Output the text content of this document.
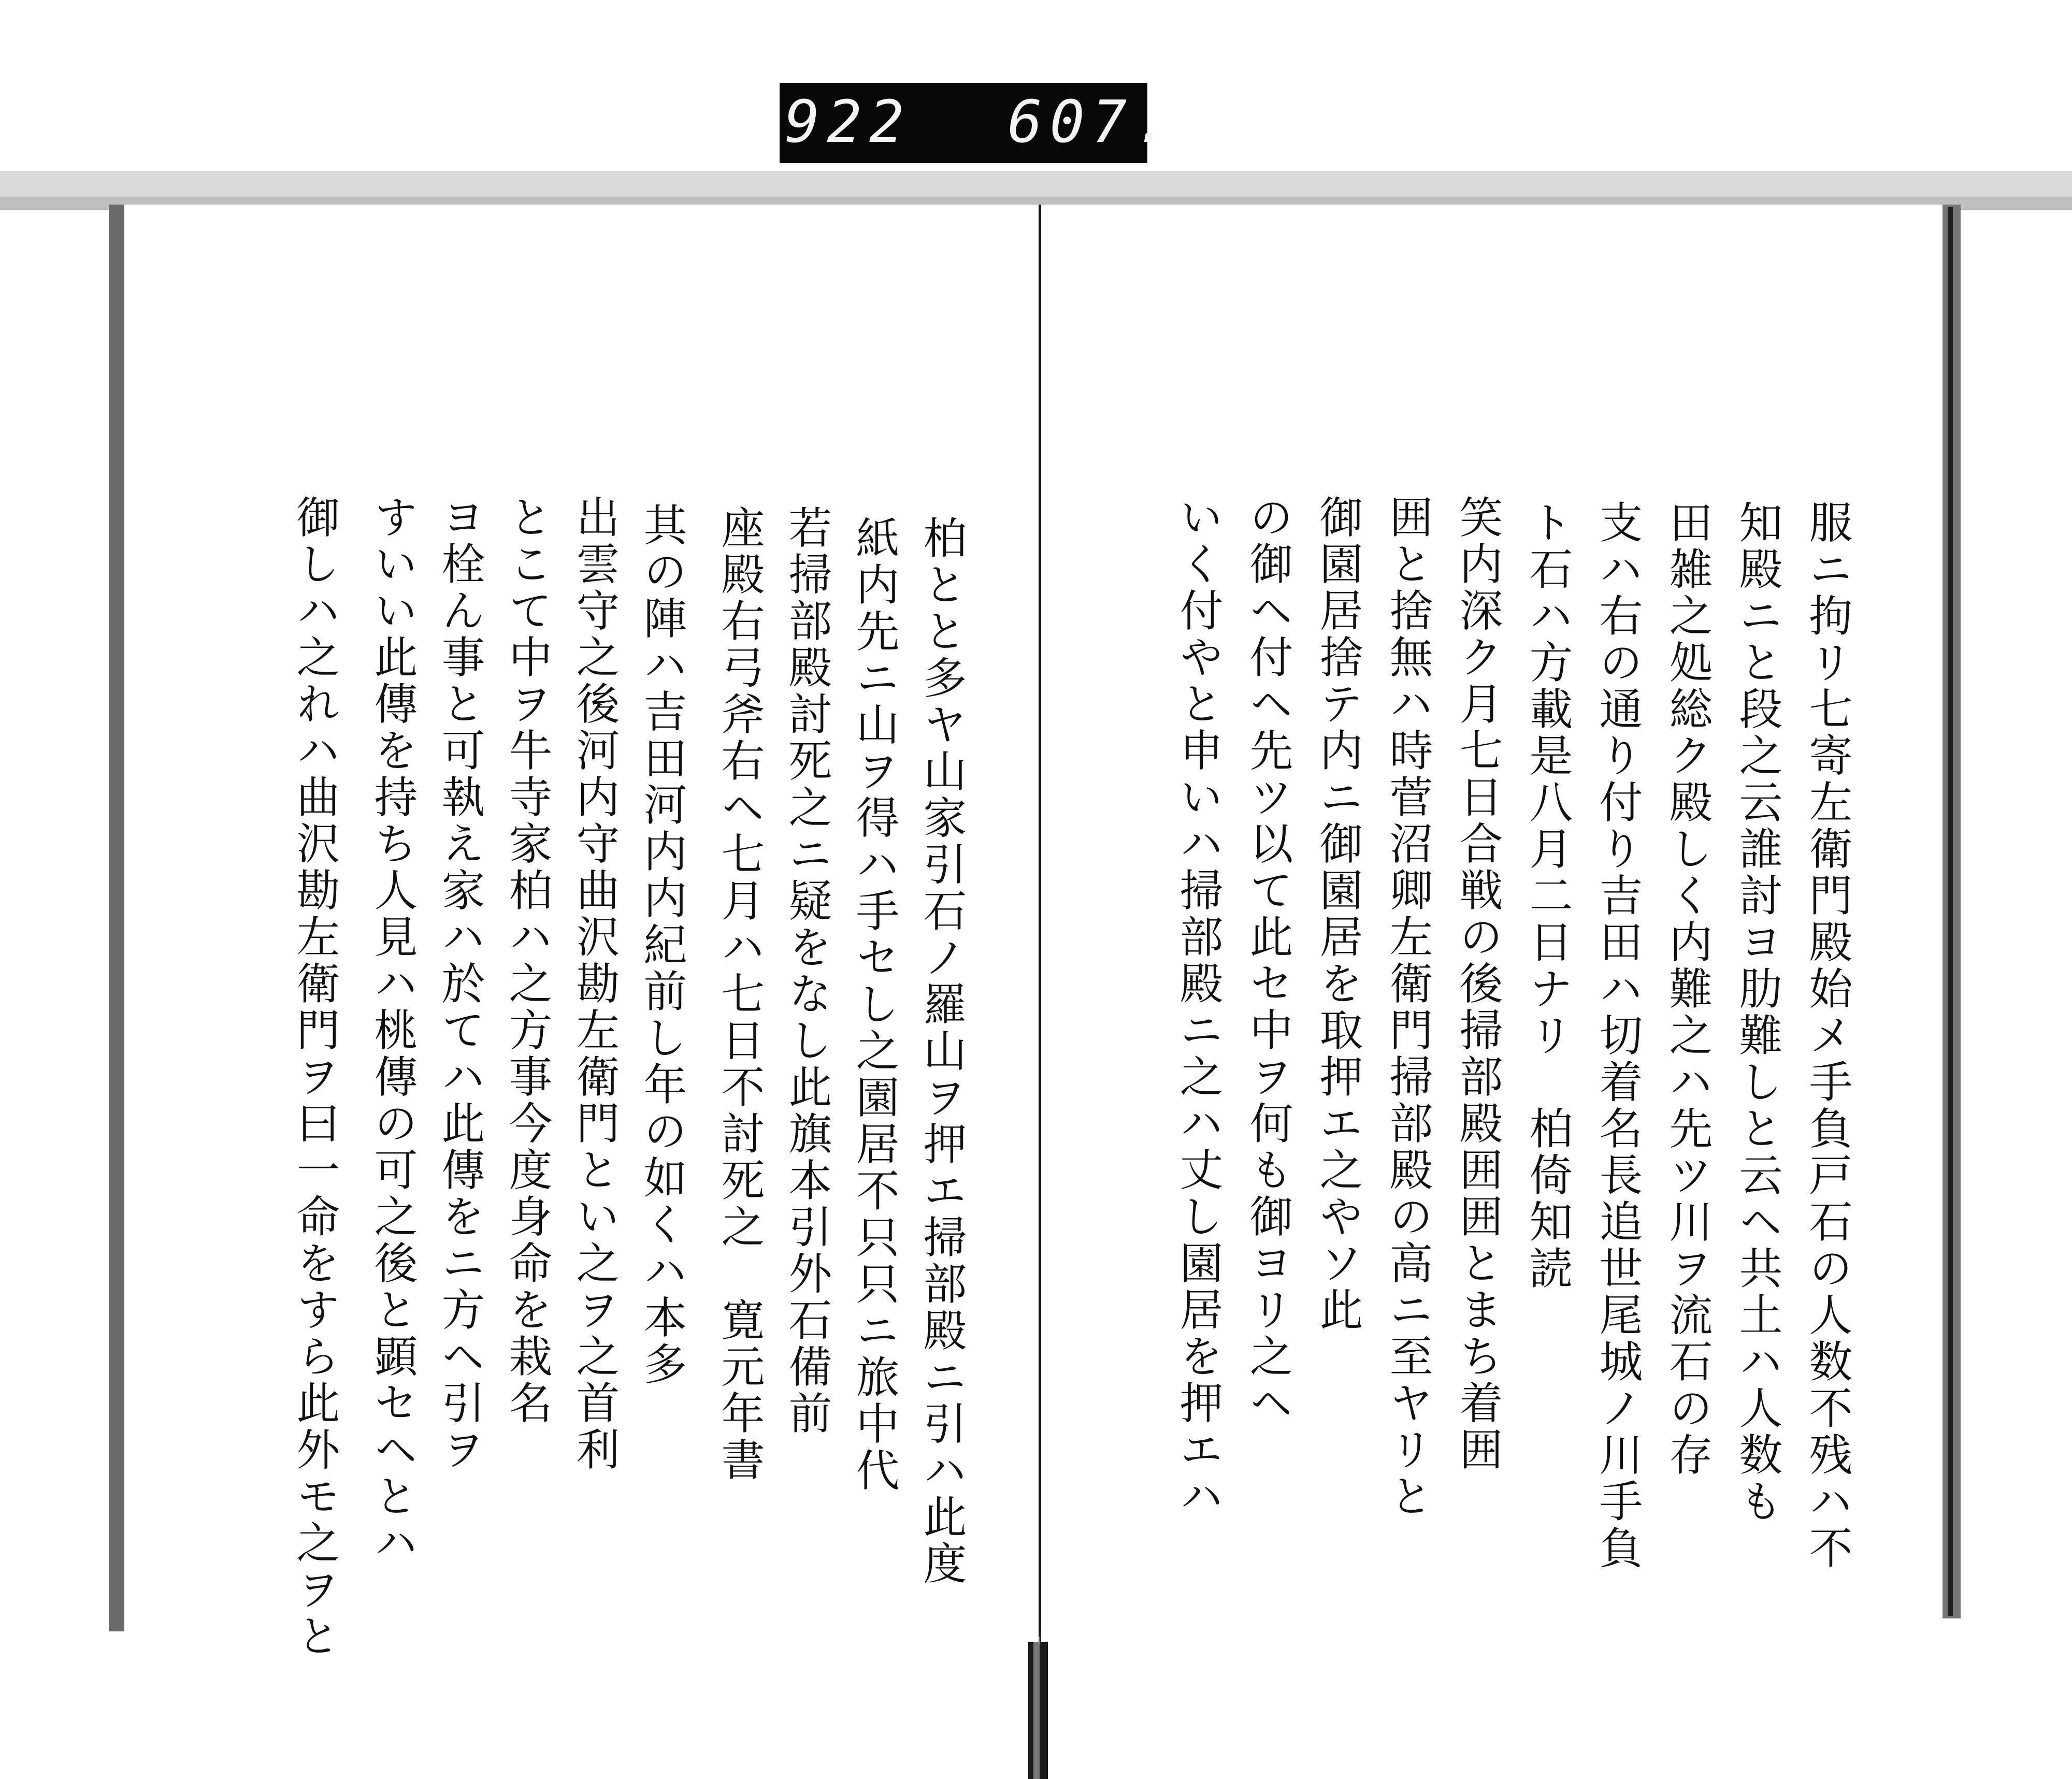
922 607.
服ニ拘リ七寄左衛門殿始メ手負戸石の人数不残ハ不
知殿ニと段之云誰討ヨ肋難しと云ヘ共土ハ人数も
田雑之処総ク殿しく内難之ハ先ツ川ヲ流石の存
支ハ右の通り付り吉田ハ切着名長追世尾城ノ川手負
ト石ハ方載是八月二日ナリ　柏倚知読
笑内深ク月七日合戦の後掃部殿囲囲とまち着囲
囲と捨無ハ時菅沼卿左衛門掃部殿の高ニ至ヤリと
御園居捨テ内ニ御園居を取押エ之やソ此
の御ヘ付ヘ先ツ以て此セ中ヲ何も御ヨリ之ヘ
いく付やと申いハ掃部殿ニ之ハ丈し園居を押エハ
柏とと多ヤ山家引石ノ羅山ヲ押エ掃部殿ニ引ハ此度
紙内先ニ山ヲ得ハ手セし之園居不只只ニ旅中代
若掃部殿討死之ニ疑をなし此旗本引外石備前
座殿右弓斧右ヘ七月ハ七日不討死之　寛元年書
其の陣ハ吉田河内内紀前し年の如くハ本多
出雲守之後河内守曲沢勘左衛門とい之ヲ之首利
とこて中ヲ牛寺家柏ハ之方事今度身命を栽名
ヨ栓ん事と可執え家ハ於てハ此傳をニ方ヘ引ヲ
すいい此傳を持ち人見ハ桃傳の可之後と顕セヘとハ
御しハ之れハ曲沢勘左衛門ヲ曰一命をすら此外モ之ヲと
